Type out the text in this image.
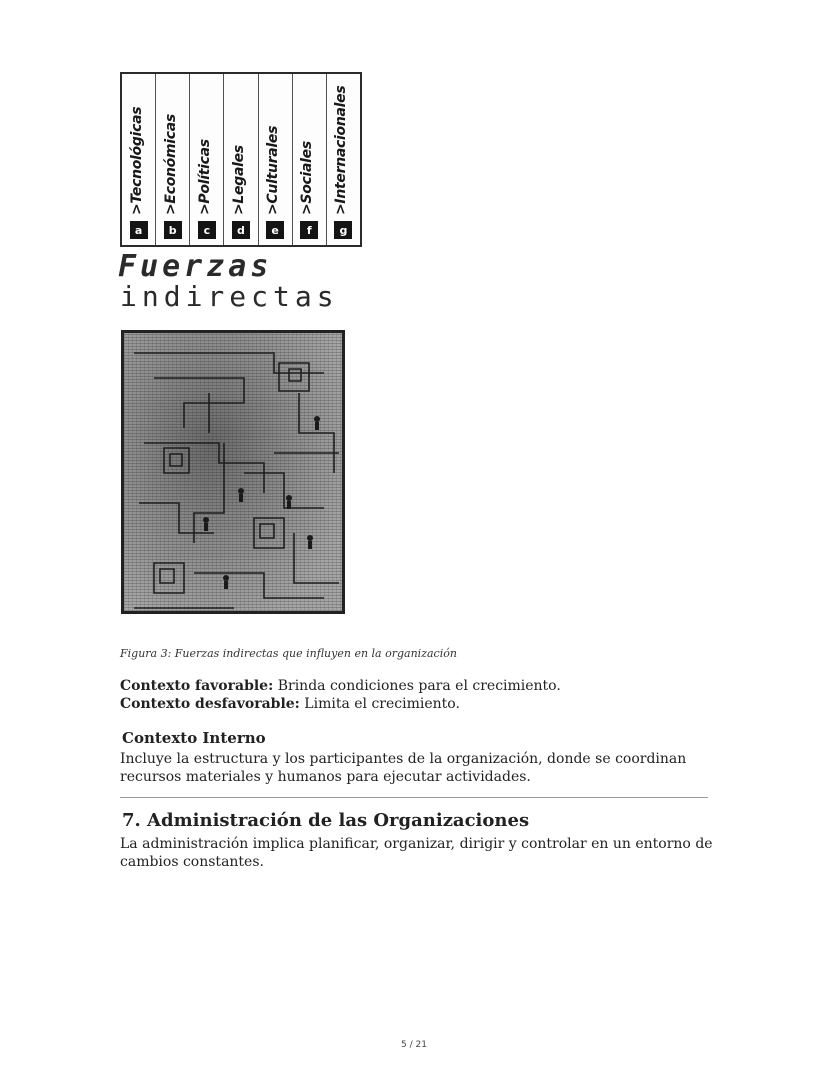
>Tecnológicas
a
>Económicas
b
>Políticas
c
>Legales
d
>Culturales
e
>Sociales
f
>Internacionales
g
Fuerzas
indirectas
Figura 3: Fuerzas indirectas que influyen en la organización
Contexto favorable: Brinda condiciones para el crecimiento.
Contexto desfavorable: Limita el crecimiento.
Contexto Interno
Incluye la estructura y los participantes de la organización, donde se coordinan recursos materiales y humanos para ejecutar actividades.
7. Administración de las Organizaciones
La administración implica planificar, organizar, dirigir y controlar en un entorno de cambios constantes.
5 / 21
